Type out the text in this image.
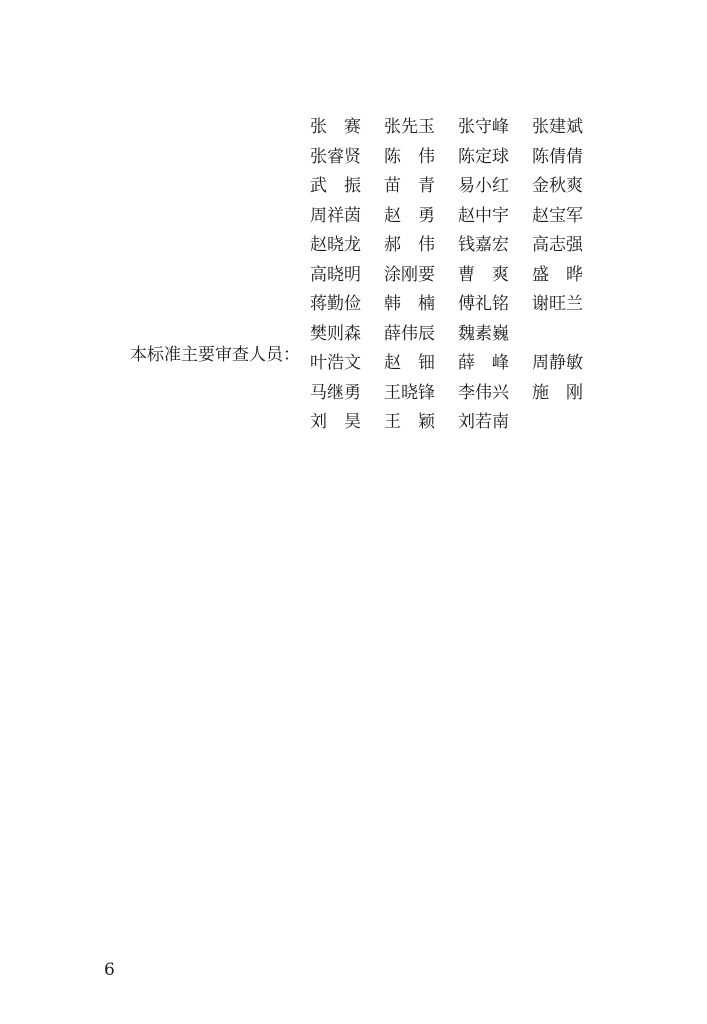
本标准主要审查人员：
张　赛	张先玉	张守峰	张建斌
张睿贤	陈　伟	陈定球	陈倩倩
武　振	苗　青	易小红	金秋爽
周祥茵	赵　勇	赵中宇	赵宝军
赵晓龙	郝　伟	钱嘉宏	高志强
高晓明	涂刚要	曹　爽	盛　晔
蒋勤俭	韩　楠	傅礼铭	谢旺兰
樊则森	薛伟辰	魏素巍
叶浩文	赵　钿	薛　峰	周静敏
马继勇	王晓锋	李伟兴	施　刚
刘　昊	王　颖	刘若南
6
